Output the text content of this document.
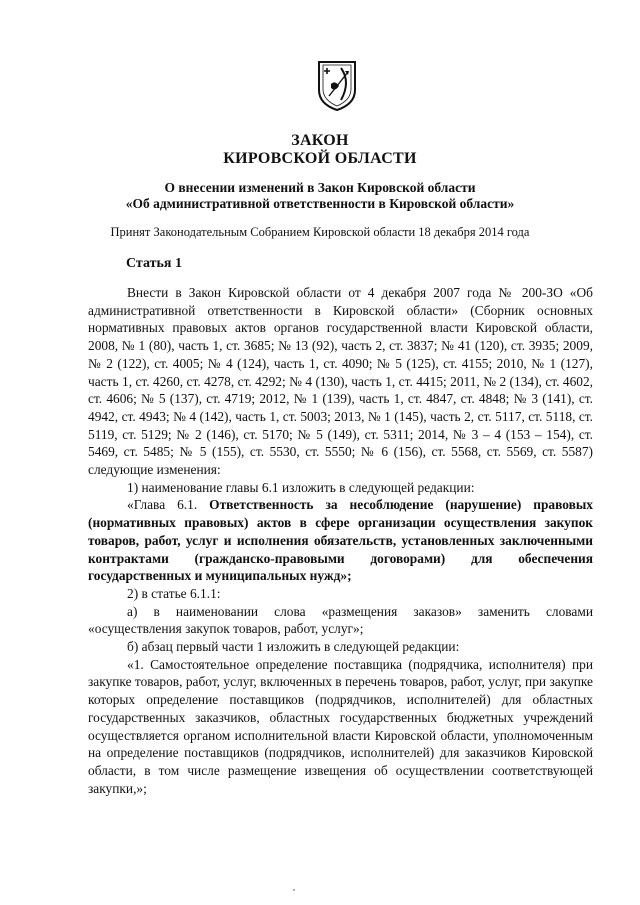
ЗАКОН
КИРОВСКОЙ ОБЛАСТИ
О внесении изменений в Закон Кировской области
«Об административной ответственности в Кировской области»
Принят Законодательным Собранием Кировской области 18 декабря 2014 года
Статья 1

Внести в Закон Кировской области от 4 декабря 2007 года № 200-ЗО «Об административной ответственности в Кировской области» (Сборник основных нормативных правовых актов органов государственной власти Кировской области, 2008, № 1 (80), часть 1, ст. 3685; № 13 (92), часть 2, ст. 3837; № 41 (120), ст. 3935; 2009, № 2 (122), ст. 4005; № 4 (124), часть 1, ст. 4090; № 5 (125), ст. 4155; 2010, № 1 (127), часть 1, ст. 4260, ст. 4278, ст. 4292; № 4 (130), часть 1, ст. 4415; 2011, № 2 (134), ст. 4602, ст. 4606; № 5 (137), ст. 4719; 2012, № 1 (139), часть 1, ст. 4847, ст. 4848; № 3 (141), ст. 4942, ст. 4943; № 4 (142), часть 1, ст. 5003; 2013, № 1 (145), часть 2, ст. 5117, ст. 5118, ст. 5119, ст. 5129; № 2 (146), ст. 5170; № 5 (149), ст. 5311; 2014, № 3 – 4 (153 – 154), ст. 5469, ст. 5485; № 5 (155), ст. 5530, ст. 5550; № 6 (156), ст. 5568, ст. 5569, ст. 5587) следующие изменения:

1) наименование главы 6.1 изложить в следующей редакции:

«Глава 6.1. Ответственность за несоблюдение (нарушение) правовых (нормативных правовых) актов в сфере организации осуществления закупок товаров, работ, услуг и исполнения обязательств, установленных заключенными контрактами (гражданско-правовыми договорами) для обеспечения государственных и муниципальных нужд»;

2) в статье 6.1.1:

а) в наименовании слова «размещения заказов» заменить словами «осуществления закупок товаров, работ, услуг»;

б) абзац первый части 1 изложить в следующей редакции:

«1. Самостоятельное определение поставщика (подрядчика, исполнителя) при закупке товаров, работ, услуг, включенных в перечень товаров, работ, услуг, при закупке которых определение поставщиков (подрядчиков, исполнителей) для областных государственных заказчиков, областных государственных бюджетных учреждений осуществляется органом исполнительной власти Кировской области, уполномоченным на определение поставщиков (подрядчиков, исполнителей) для заказчиков Кировской области, в том числе размещение извещения об осуществлении соответствующей закупки,»;
